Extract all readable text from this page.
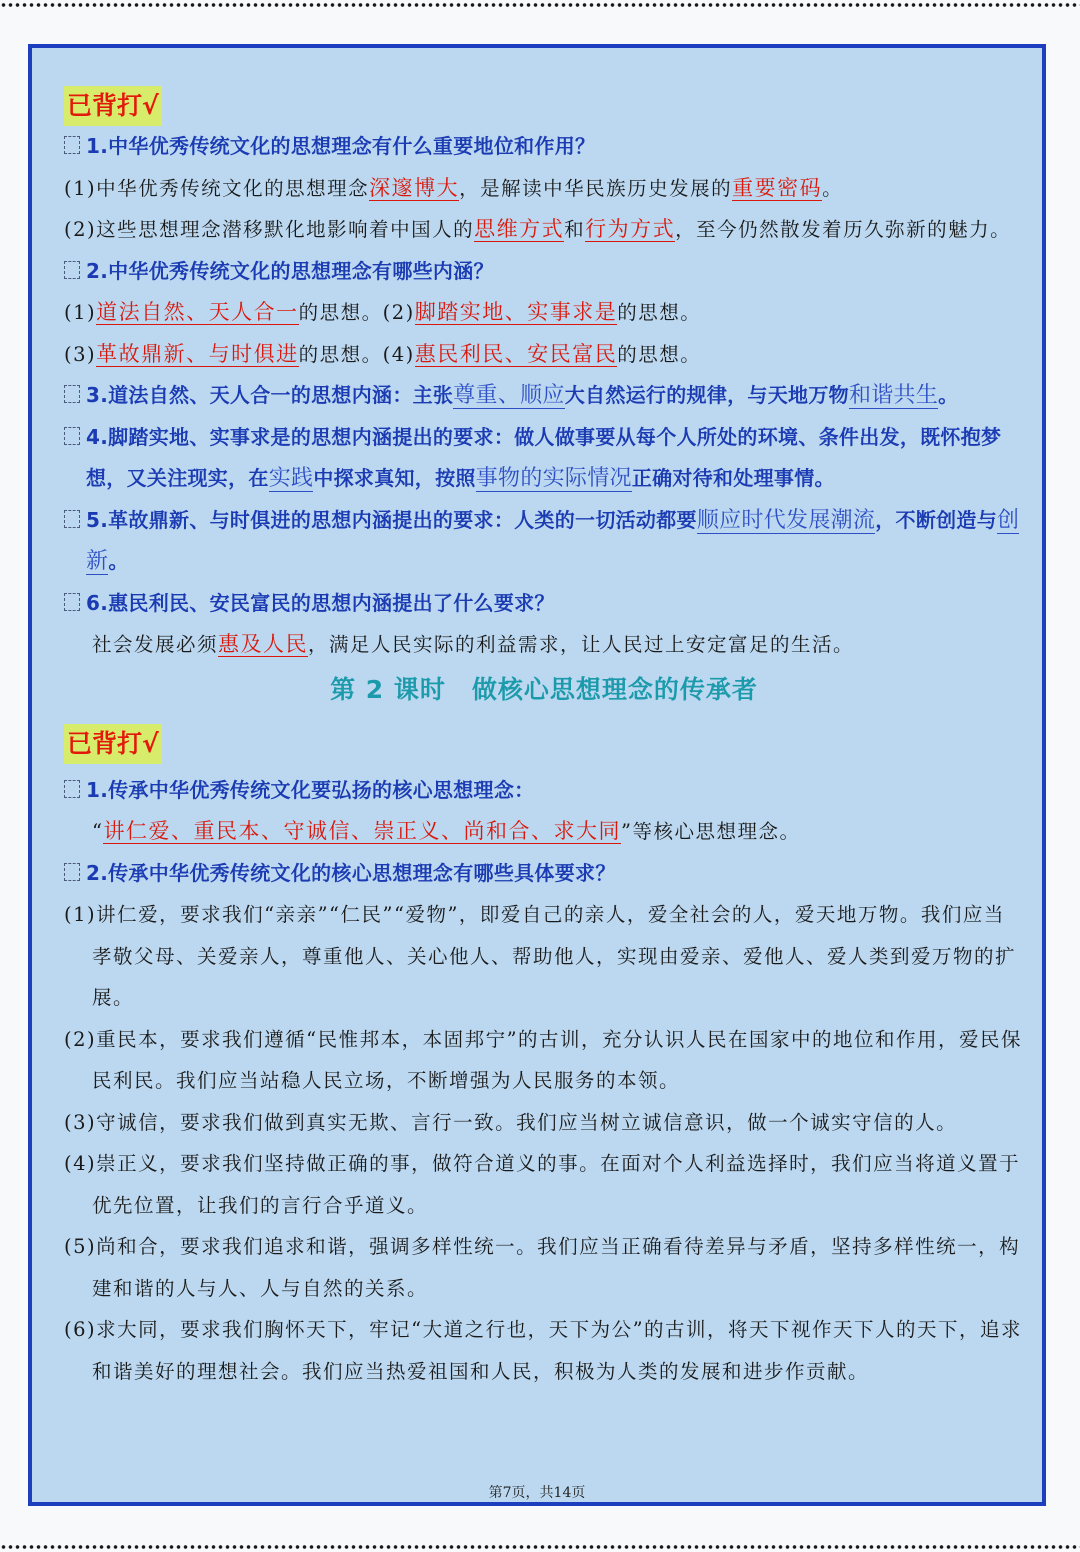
已背打√
1.中华优秀传统文化的思想理念有什么重要地位和作用？
(1)中华优秀传统文化的思想理念深邃博大，是解读中华民族历史发展的重要密码。
(2)这些思想理念潜移默化地影响着中国人的思维方式和行为方式，至今仍然散发着历久弥新的魅力。
2.中华优秀传统文化的思想理念有哪些内涵？
(1)道法自然、天人合一的思想。(2)脚踏实地、实事求是的思想。
(3)革故鼎新、与时俱进的思想。(4)惠民利民、安民富民的思想。
3.道法自然、天人合一的思想内涵：主张尊重、顺应大自然运行的规律，与天地万物和谐共生。
4.脚踏实地、实事求是的思想内涵提出的要求：做人做事要从每个人所处的环境、条件出发，既怀抱梦想，又关注现实，在实践中探求真知，按照事物的实际情况正确对待和处理事情。
5.革故鼎新、与时俱进的思想内涵提出的要求：人类的一切活动都要顺应时代发展潮流，不断创造与创新。
6.惠民利民、安民富民的思想内涵提出了什么要求？
社会发展必须惠及人民，满足人民实际的利益需求，让人民过上安定富足的生活。
第 2 课时　做核心思想理念的传承者
已背打√
1.传承中华优秀传统文化要弘扬的核心思想理念：
“讲仁爱、重民本、守诚信、崇正义、尚和合、求大同”等核心思想理念。
2.传承中华优秀传统文化的核心思想理念有哪些具体要求？
(1)讲仁爱，要求我们“亲亲”“仁民”“爱物”，即爱自己的亲人，爱全社会的人，爱天地万物。我们应当孝敬父母、关爱亲人，尊重他人、关心他人、帮助他人，实现由爱亲、爱他人、爱人类到爱万物的扩展。
(2)重民本，要求我们遵循“民惟邦本，本固邦宁”的古训，充分认识人民在国家中的地位和作用，爱民保民利民。我们应当站稳人民立场，不断增强为人民服务的本领。
(3)守诚信，要求我们做到真实无欺、言行一致。我们应当树立诚信意识，做一个诚实守信的人。
(4)崇正义，要求我们坚持做正确的事，做符合道义的事。在面对个人利益选择时，我们应当将道义置于优先位置，让我们的言行合乎道义。
(5)尚和合，要求我们追求和谐，强调多样性统一。我们应当正确看待差异与矛盾，坚持多样性统一，构建和谐的人与人、人与自然的关系。
(6)求大同，要求我们胸怀天下，牢记“大道之行也，天下为公”的古训，将天下视作天下人的天下，追求和谐美好的理想社会。我们应当热爱祖国和人民，积极为人类的发展和进步作贡献。
第7页，共14页
